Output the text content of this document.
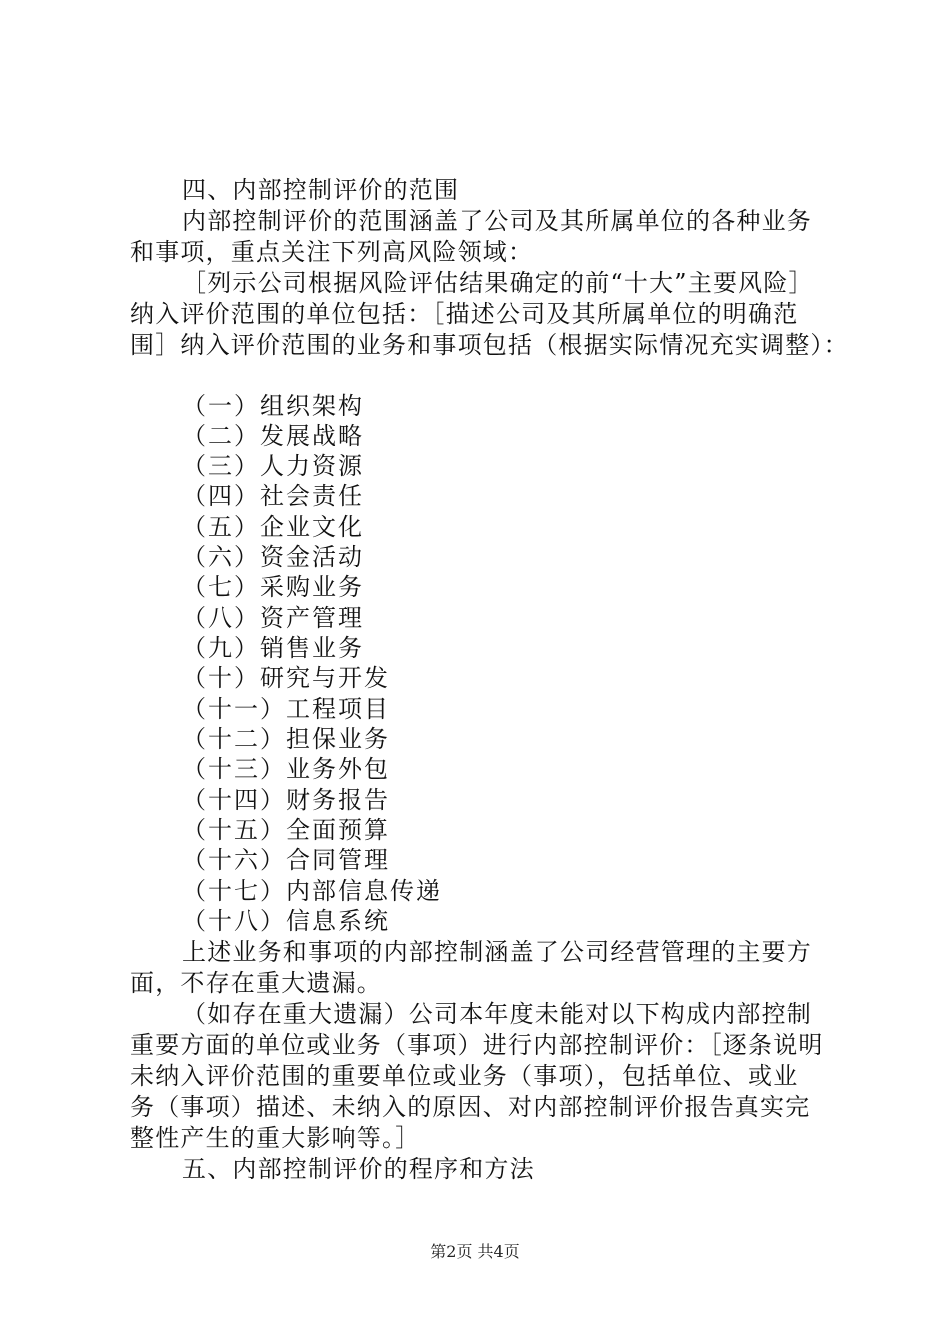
四、内部控制评价的范围
内部控制评价的范围涵盖了公司及其所属单位的各种业务
和事项，重点关注下列高风险领域：
［列示公司根据风险评估结果确定的前“十大”主要风险］
纳入评价范围的单位包括：［描述公司及其所属单位的明确范
围］纳入评价范围的业务和事项包括（根据实际情况充实调整）：
（一）组织架构
（二）发展战略
（三）人力资源
（四）社会责任
（五）企业文化
（六）资金活动
（七）采购业务
（八）资产管理
（九）销售业务
（十）研究与开发
（十一）工程项目
（十二）担保业务
（十三）业务外包
（十四）财务报告
（十五）全面预算
（十六）合同管理
（十七）内部信息传递
（十八）信息系统
上述业务和事项的内部控制涵盖了公司经营管理的主要方
面，不存在重大遗漏。
（如存在重大遗漏）公司本年度未能对以下构成内部控制
重要方面的单位或业务（事项）进行内部控制评价：［逐条说明
未纳入评价范围的重要单位或业务（事项），包括单位、或业
务（事项）描述、未纳入的原因、对内部控制评价报告真实完
整性产生的重大影响等。］
五、内部控制评价的程序和方法
第2页 共4页
